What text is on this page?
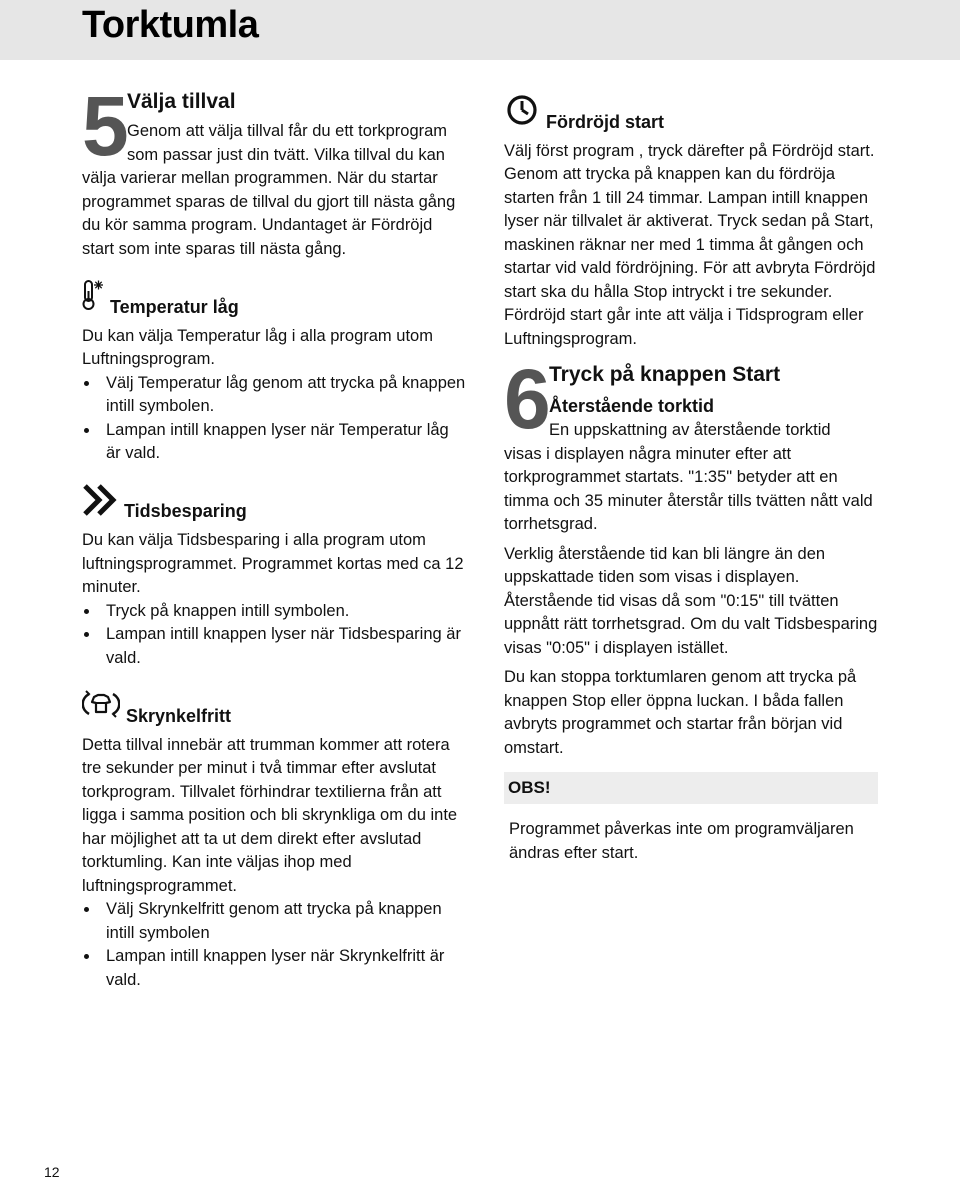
Torktumla
5 Välja tillval

Genom att välja tillval får du ett torkprogram som passar just din tvätt. Vilka tillval du kan

välja varierar mellan programmen. När du startar programmet sparas de tillval du gjort till nästa gång du kör samma program. Undantaget är Fördröjd start som inte sparas till nästa gång.

Temperatur låg

Du kan välja Temperatur låg i alla program utom Luftningsprogram.

Välj Temperatur låg genom att trycka på knappen intill symbolen.
Lampan intill knappen lyser när Temperatur låg är vald.
Tidsbesparing

Du kan välja Tidsbesparing i alla program utom luftningsprogrammet. Programmet kortas med ca 12 minuter.

Tryck på knappen intill symbolen.
Lampan intill knappen lyser när Tidsbesparing är vald.
Skrynkelfritt

Detta tillval innebär att trumman kommer att rotera tre sekunder per minut i två timmar efter avslutat torkprogram. Tillvalet förhindrar textilierna från att ligga i samma position och bli skrynkliga om du inte har möjlighet att ta ut dem direkt efter avslutad torktumling. Kan inte väljas ihop med luftningsprogrammet.

Välj Skrynkelfritt genom att trycka på knappen intill symbolen
Lampan intill knappen lyser när Skrynkelfritt är vald.
Fördröjd start

Välj först program , tryck därefter på Fördröjd start. Genom att trycka på knappen kan du fördröja starten från 1 till 24 timmar. Lampan intill knappen lyser när tillvalet är aktiverat. Tryck sedan på Start, maskinen räknar ner med 1 timma åt gången och startar vid vald fördröjning. För att avbryta Fördröjd start ska du hålla Stop intryckt i tre sekunder. Fördröjd start går inte att välja i Tidsprogram eller Luftningsprogram.

6 Tryck på knappen Start
Återstående torktid

En uppskattning av återstående torktid

visas i displayen några minuter efter att torkprogrammet startats. "1:35" betyder att en timma och 35 minuter återstår tills tvätten nått vald torrhetsgrad.

Verklig återstående tid kan bli längre än den uppskattade tiden som visas i displayen. Återstående tid visas då som "0:15" till tvätten uppnått rätt torrhetsgrad. Om du valt Tidsbesparing visas "0:05" i displayen istället.

Du kan stoppa torktumlaren genom att trycka på knappen Stop eller öppna luckan. I båda fallen avbryts programmet och startar från början vid omstart.

OBS!

Programmet påverkas inte om programväljaren ändras efter start.

12
